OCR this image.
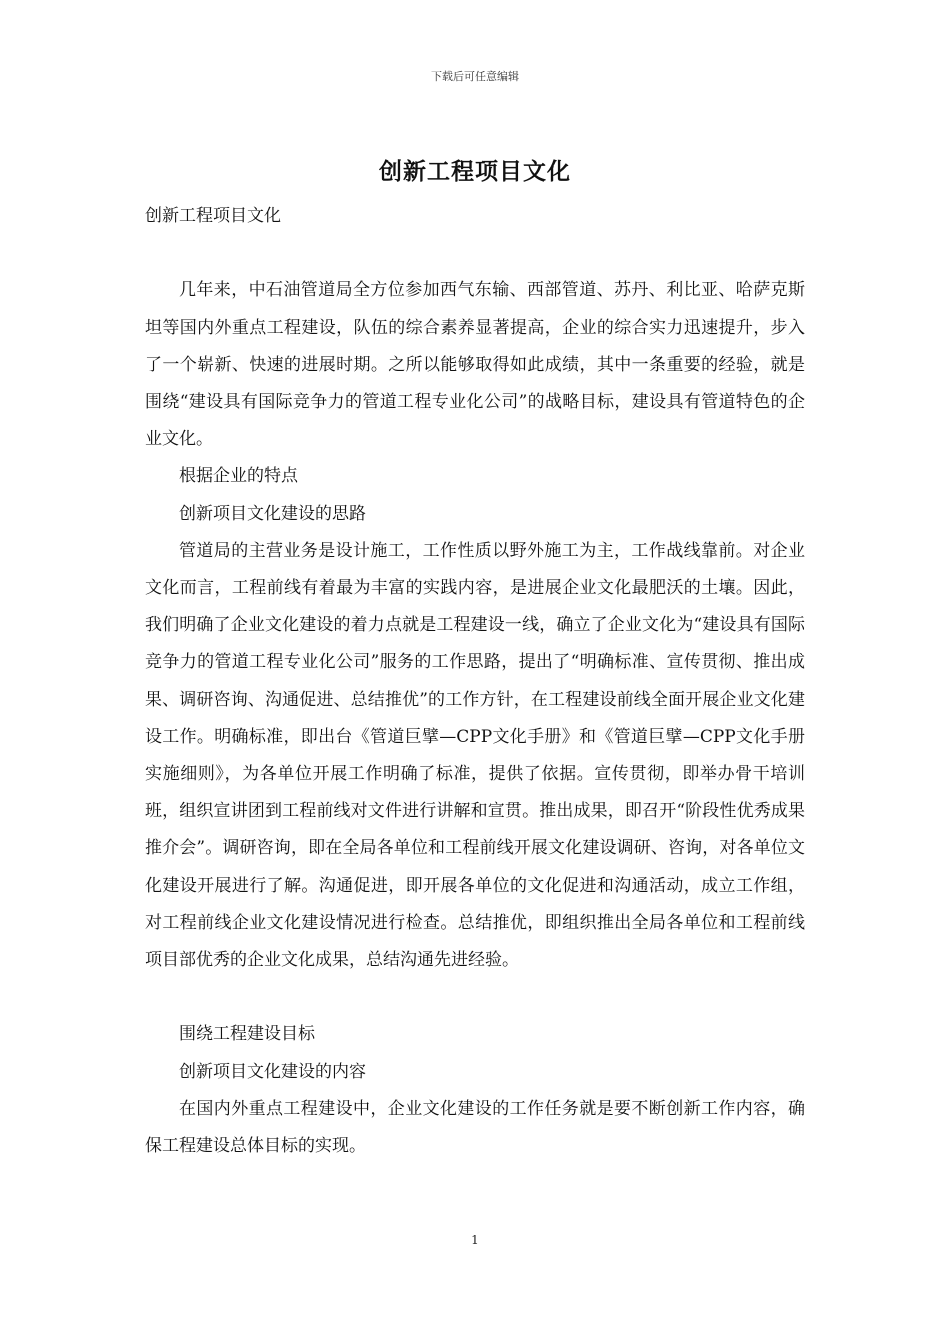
下载后可任意编辑
创新工程项目文化

创新工程项目文化

几年来，中石油管道局全方位参加西气东输、西部管道、苏丹、利比亚、哈萨克斯坦等国内外重点工程建设，队伍的综合素养显著提高，企业的综合实力迅速提升，步入了一个崭新、快速的进展时期。之所以能够取得如此成绩，其中一条重要的经验，就是围绕“建设具有国际竞争力的管道工程专业化公司”的战略目标，建设具有管道特色的企业文化。

根据企业的特点

创新项目文化建设的思路

管道局的主营业务是设计施工，工作性质以野外施工为主，工作战线靠前。对企业文化而言，工程前线有着最为丰富的实践内容，是进展企业文化最肥沃的土壤。因此，我们明确了企业文化建设的着力点就是工程建设一线，确立了企业文化为“建设具有国际竞争力的管道工程专业化公司”服务的工作思路，提出了“明确标准、宣传贯彻、推出成果、调研咨询、沟通促进、总结推优”的工作方针，在工程建设前线全面开展企业文化建设工作。明确标准，即出台《管道巨擘—CPP文化手册》和《管道巨擘—CPP文化手册实施细则》，为各单位开展工作明确了标准，提供了依据。宣传贯彻，即举办骨干培训班，组织宣讲团到工程前线对文件进行讲解和宣贯。推出成果，即召开“阶段性优秀成果推介会”。调研咨询，即在全局各单位和工程前线开展文化建设调研、咨询，对各单位文化建设开展进行了解。沟通促进，即开展各单位的文化促进和沟通活动，成立工作组，对工程前线企业文化建设情况进行检查。总结推优，即组织推出全局各单位和工程前线项目部优秀的企业文化成果，总结沟通先进经验。

围绕工程建设目标

创新项目文化建设的内容

在国内外重点工程建设中，企业文化建设的工作任务就是要不断创新工作内容，确保工程建设总体目标的实现。

1
